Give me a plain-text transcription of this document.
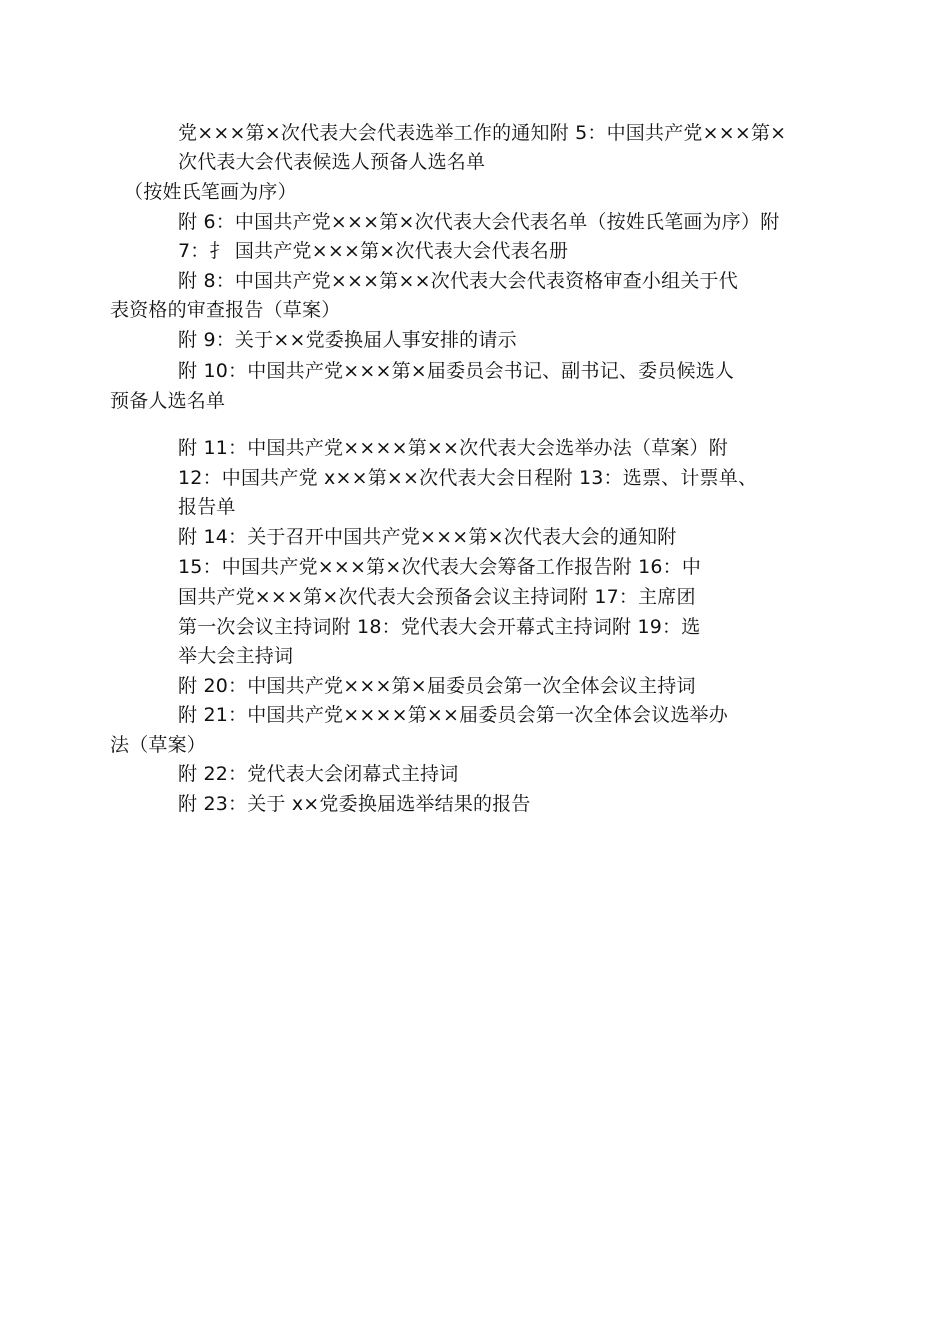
党×××第×次代表大会代表选举工作的通知附 5：中国共产党×××第×
次代表大会代表候选人预备人选名单
（按姓氏笔画为序）
附 6：中国共产党×××第×次代表大会代表名单（按姓氏笔画为序）附
7：扌 国共产党×××第×次代表大会代表名册
附 8：中国共产党×××第××次代表大会代表资格审查小组关于代
表资格的审查报告（草案）
附 9：关于××党委换届人事安排的请示
附 10：中国共产党×××第×届委员会书记、副书记、委员候选人
预备人选名单
附 11：中国共产党××××第××次代表大会选举办法（草案）附
12：中国共产党 x××第××次代表大会日程附 13：选票、计票单、
报告单
附 14：关于召开中国共产党×××第×次代表大会的通知附
15：中国共产党×××第×次代表大会筹备工作报告附 16：中
国共产党×××第×次代表大会预备会议主持词附 17：主席团
第一次会议主持词附 18：党代表大会开幕式主持词附 19：选
举大会主持词
附 20：中国共产党×××第×届委员会第一次全体会议主持词
附 21：中国共产党××××第××届委员会第一次全体会议选举办
法（草案）
附 22：党代表大会闭幕式主持词
附 23：关于 x×党委换届选举结果的报告
